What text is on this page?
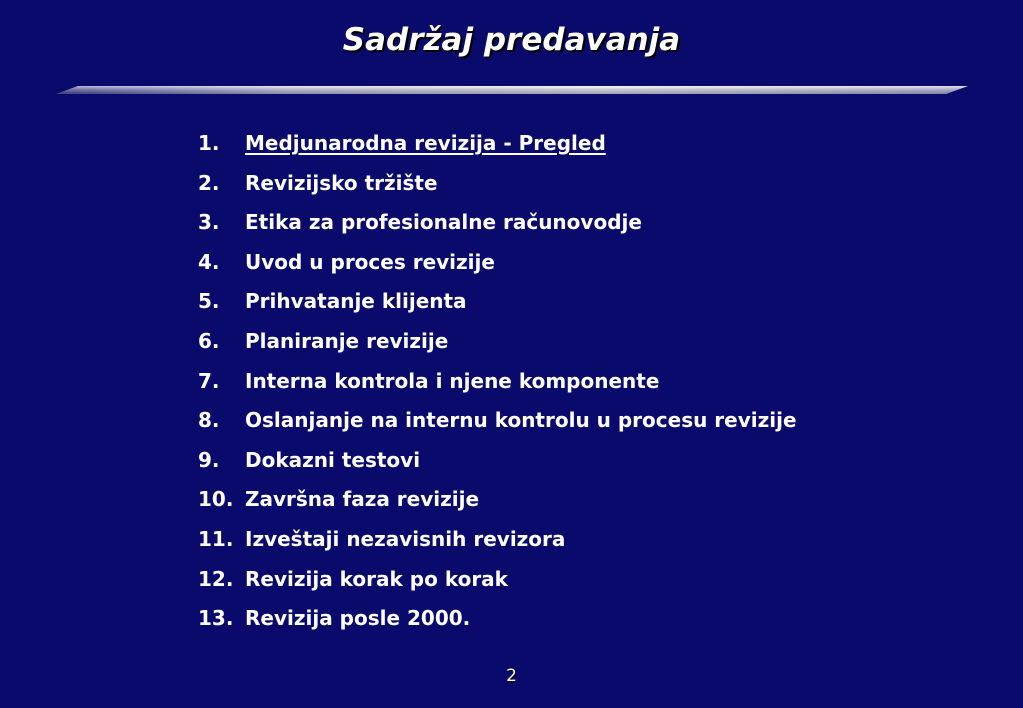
Sadržaj predavanja
1.	Medjunarodna revizija - Pregled
2.	Revizijsko tržište
3.	Etika za profesionalne računovodje
4.	Uvod u proces revizije
5.	Prihvatanje klijenta
6.	Planiranje revizije
7.	Interna kontrola i njene komponente
8.	Oslanjanje na internu kontrolu u procesu revizije
9.	Dokazni testovi
10. Završna faza revizije
11. Izveštaji nezavisnih revizora
12. Revizija korak po korak
13. Revizija posle 2000.
2
